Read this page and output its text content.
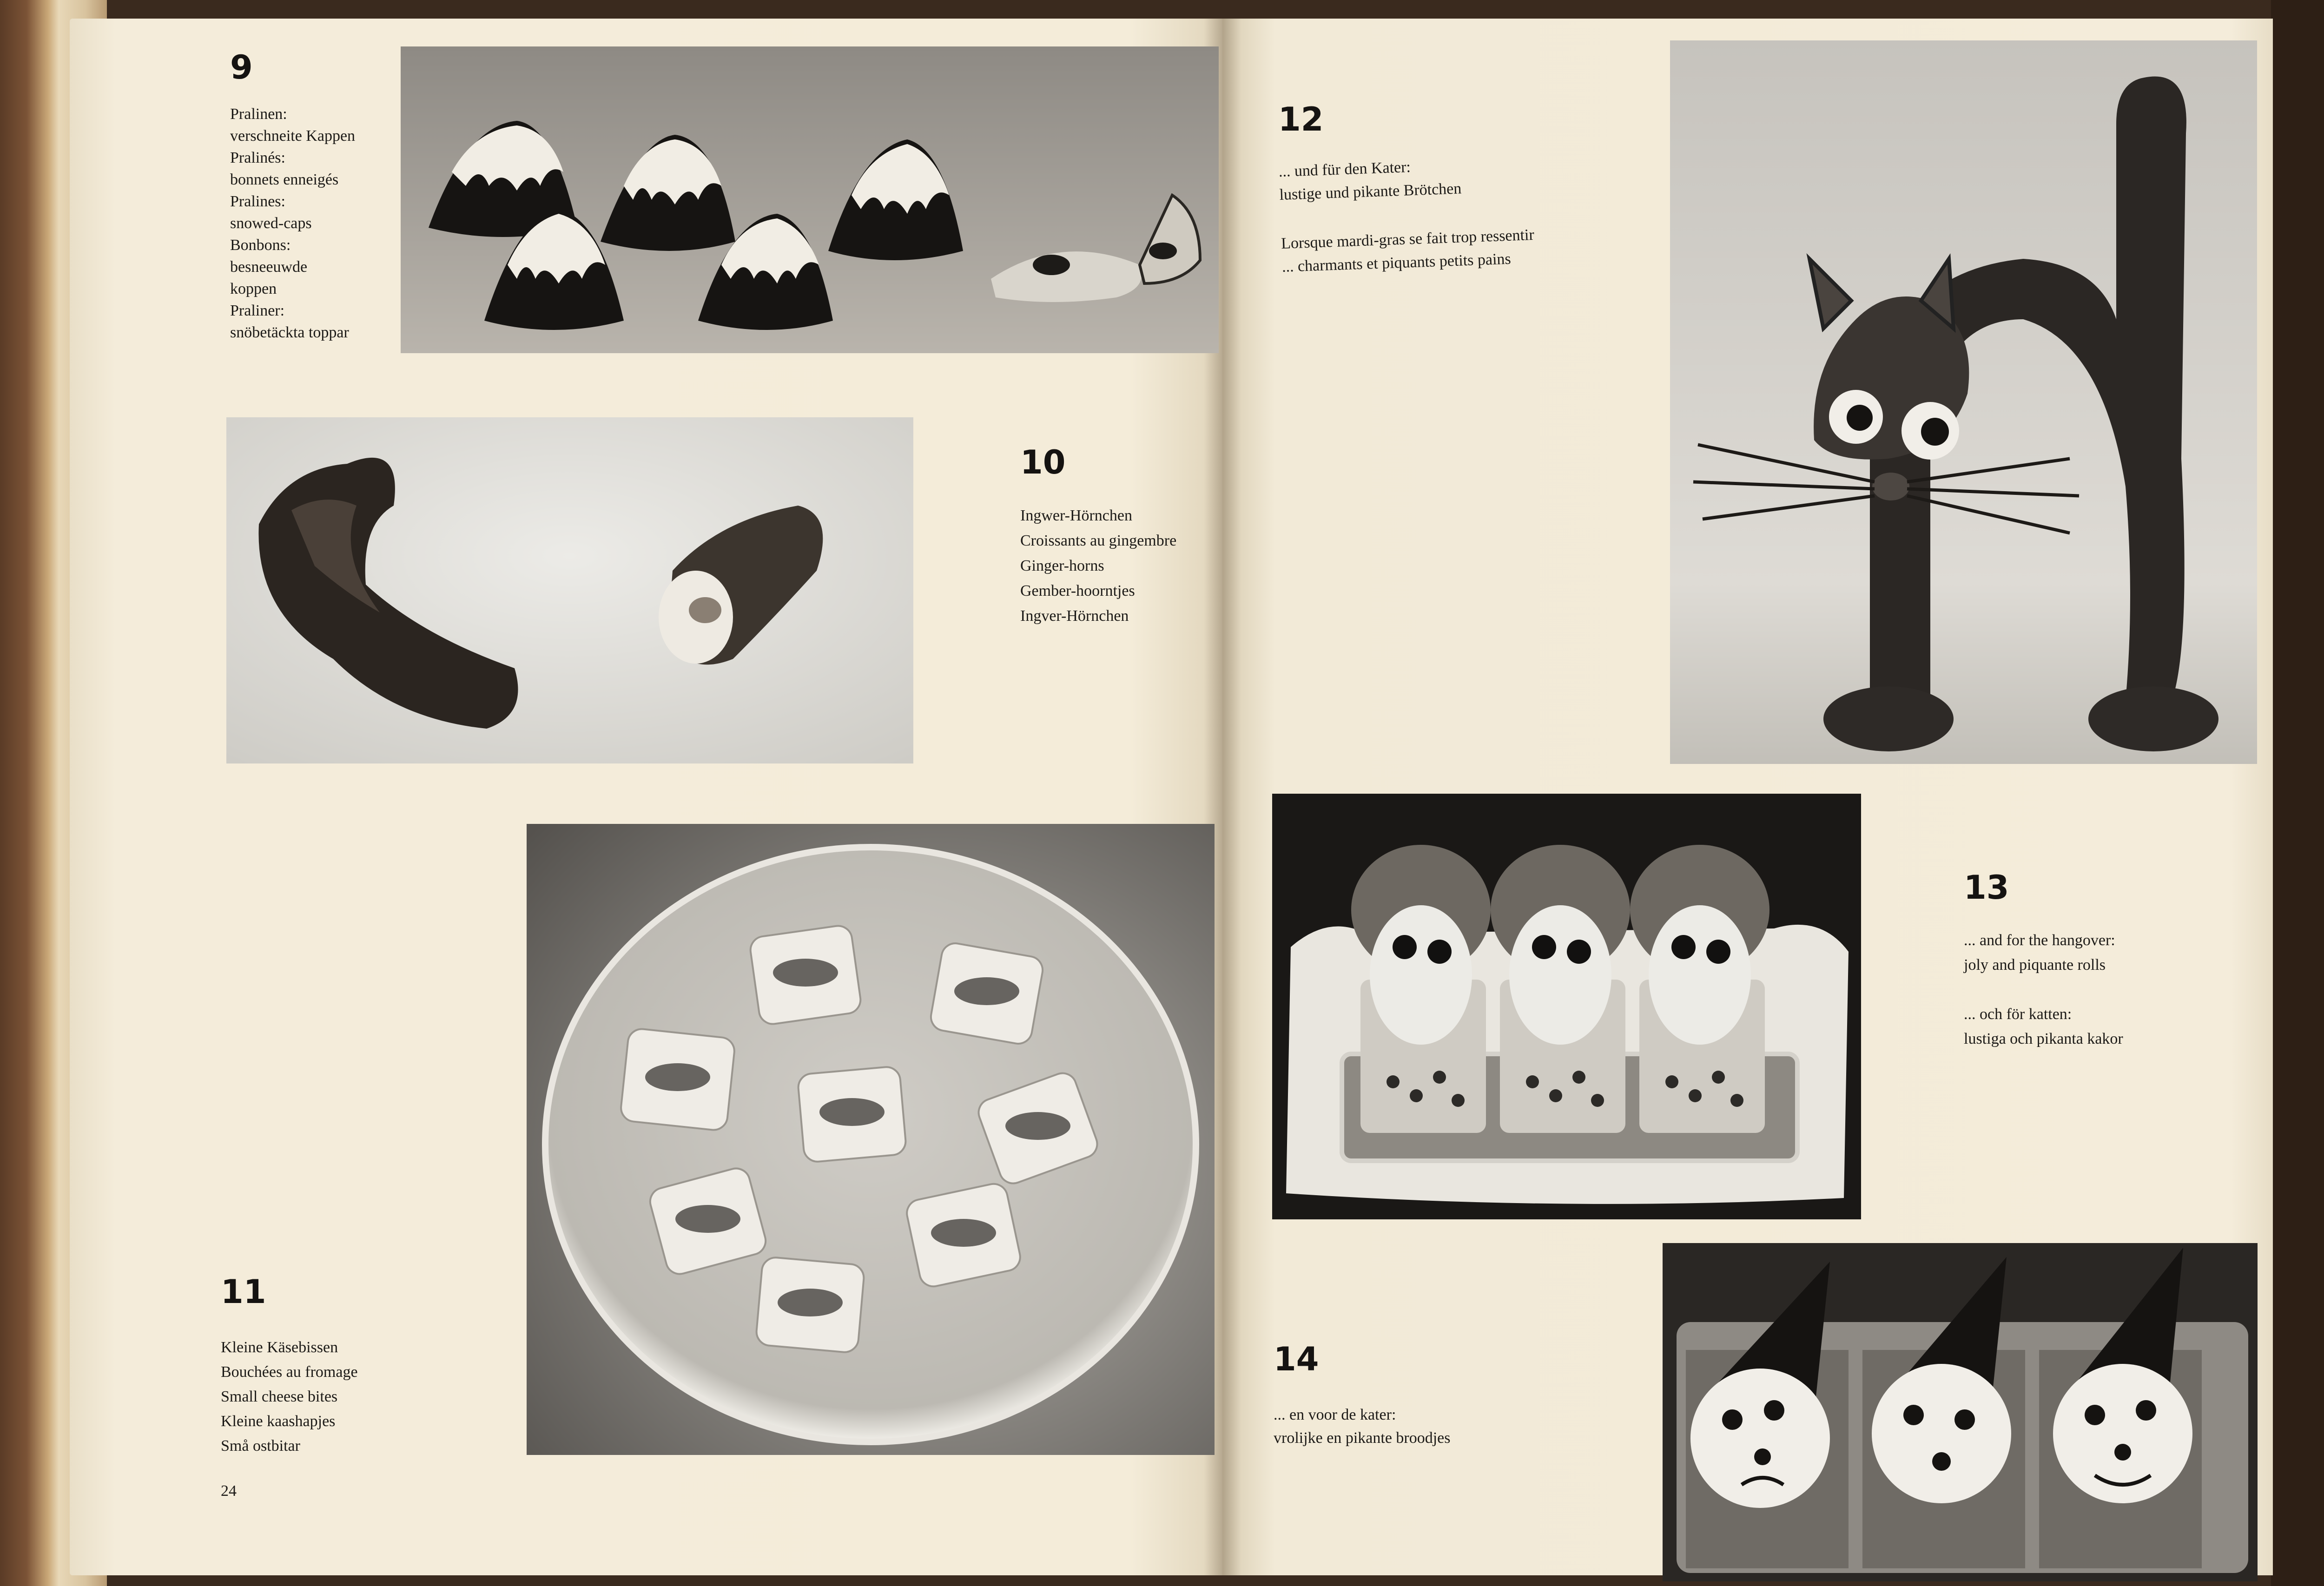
9
Pralinen:
verschneite Kappen
Pralinés:
bonnets enneigés
Pralines:
snowed-caps
Bonbons:
besneeuwde
koppen
Praliner:
snöbetäckta toppar
10
Ingwer-Hörnchen
Croissants au gingembre
Ginger-horns
Gember-hoorntjes
Ingver-Hörnchen
11
Kleine Käsebissen
Bouchées au fromage
Small cheese bites
Kleine kaashapjes
Små ostbitar
24
12
... und für den Kater:
lustige und pikante Brötchen
Lorsque mardi-gras se fait trop ressentir
... charmants et piquants petits pains
13
... and for the hangover:
joly and piquante rolls
... och för katten:
lustiga och pikanta kakor
14
... en voor de kater:
vrolijke en pikante broodjes
